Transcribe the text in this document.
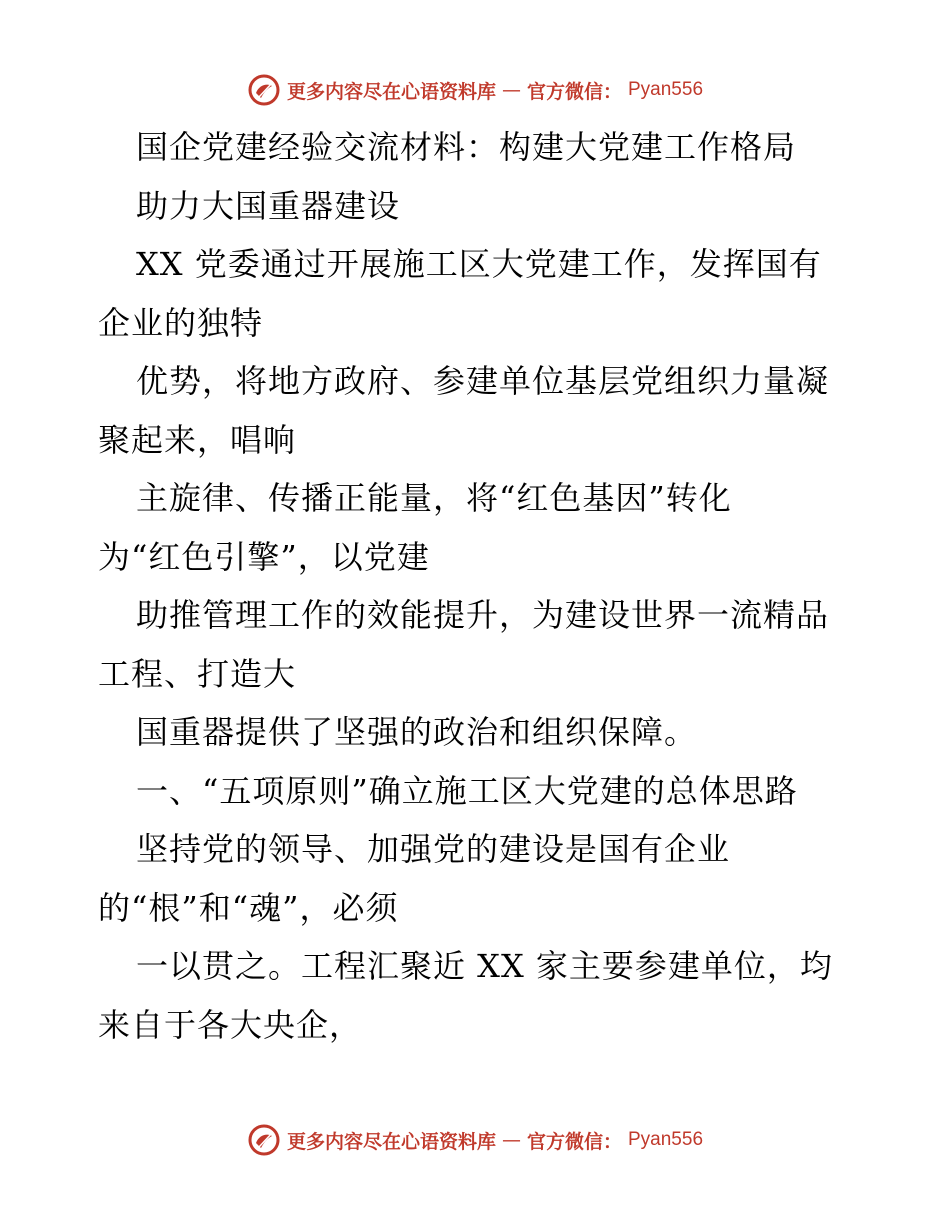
更多内容尽在心语资料库 — 官方微信： Pyan556
国企党建经验交流材料：构建大党建工作格局
助力大国重器建设
XX 党委通过开展施工区大党建工作，发挥国有
企业的独特
优势，将地方政府、参建单位基层党组织力量凝
聚起来，唱响
主旋律、传播正能量，将“红色基因”转化
为“红色引擎”，以党建
助推管理工作的效能提升，为建设世界一流精品
工程、打造大
国重器提供了坚强的政治和组织保障。
一、“五项原则”确立施工区大党建的总体思路
坚持党的领导、加强党的建设是国有企业
的“根”和“魂”，必须
一以贯之。工程汇聚近 XX 家主要参建单位，均
来自于各大央企，
更多内容尽在心语资料库 — 官方微信： Pyan556
